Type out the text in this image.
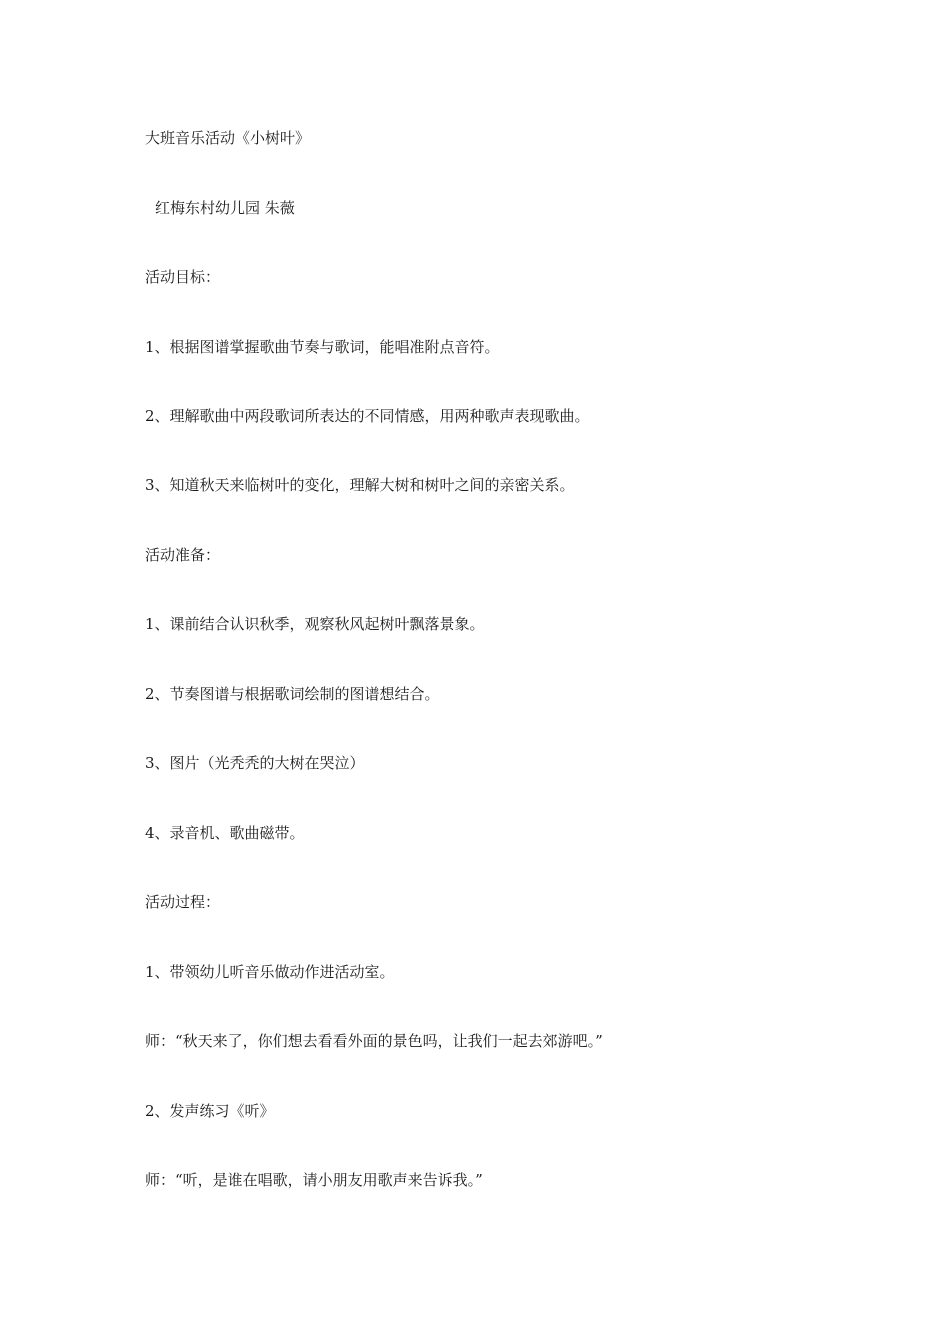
大班音乐活动《小树叶》
红梅东村幼儿园 朱薇
活动目标：
1、根据图谱掌握歌曲节奏与歌词，能唱准附点音符。
2、理解歌曲中两段歌词所表达的不同情感，用两种歌声表现歌曲。
3、知道秋天来临树叶的变化，理解大树和树叶之间的亲密关系。
活动准备：
1、课前结合认识秋季，观察秋风起树叶飘落景象。
2、节奏图谱与根据歌词绘制的图谱想结合。
3、图片（光秃秃的大树在哭泣）
4、录音机、歌曲磁带。
活动过程：
1、带领幼儿听音乐做动作进活动室。
师：“秋天来了，你们想去看看外面的景色吗，让我们一起去郊游吧。”
2、发声练习《听》
师：“听，是谁在唱歌，请小朋友用歌声来告诉我。”
